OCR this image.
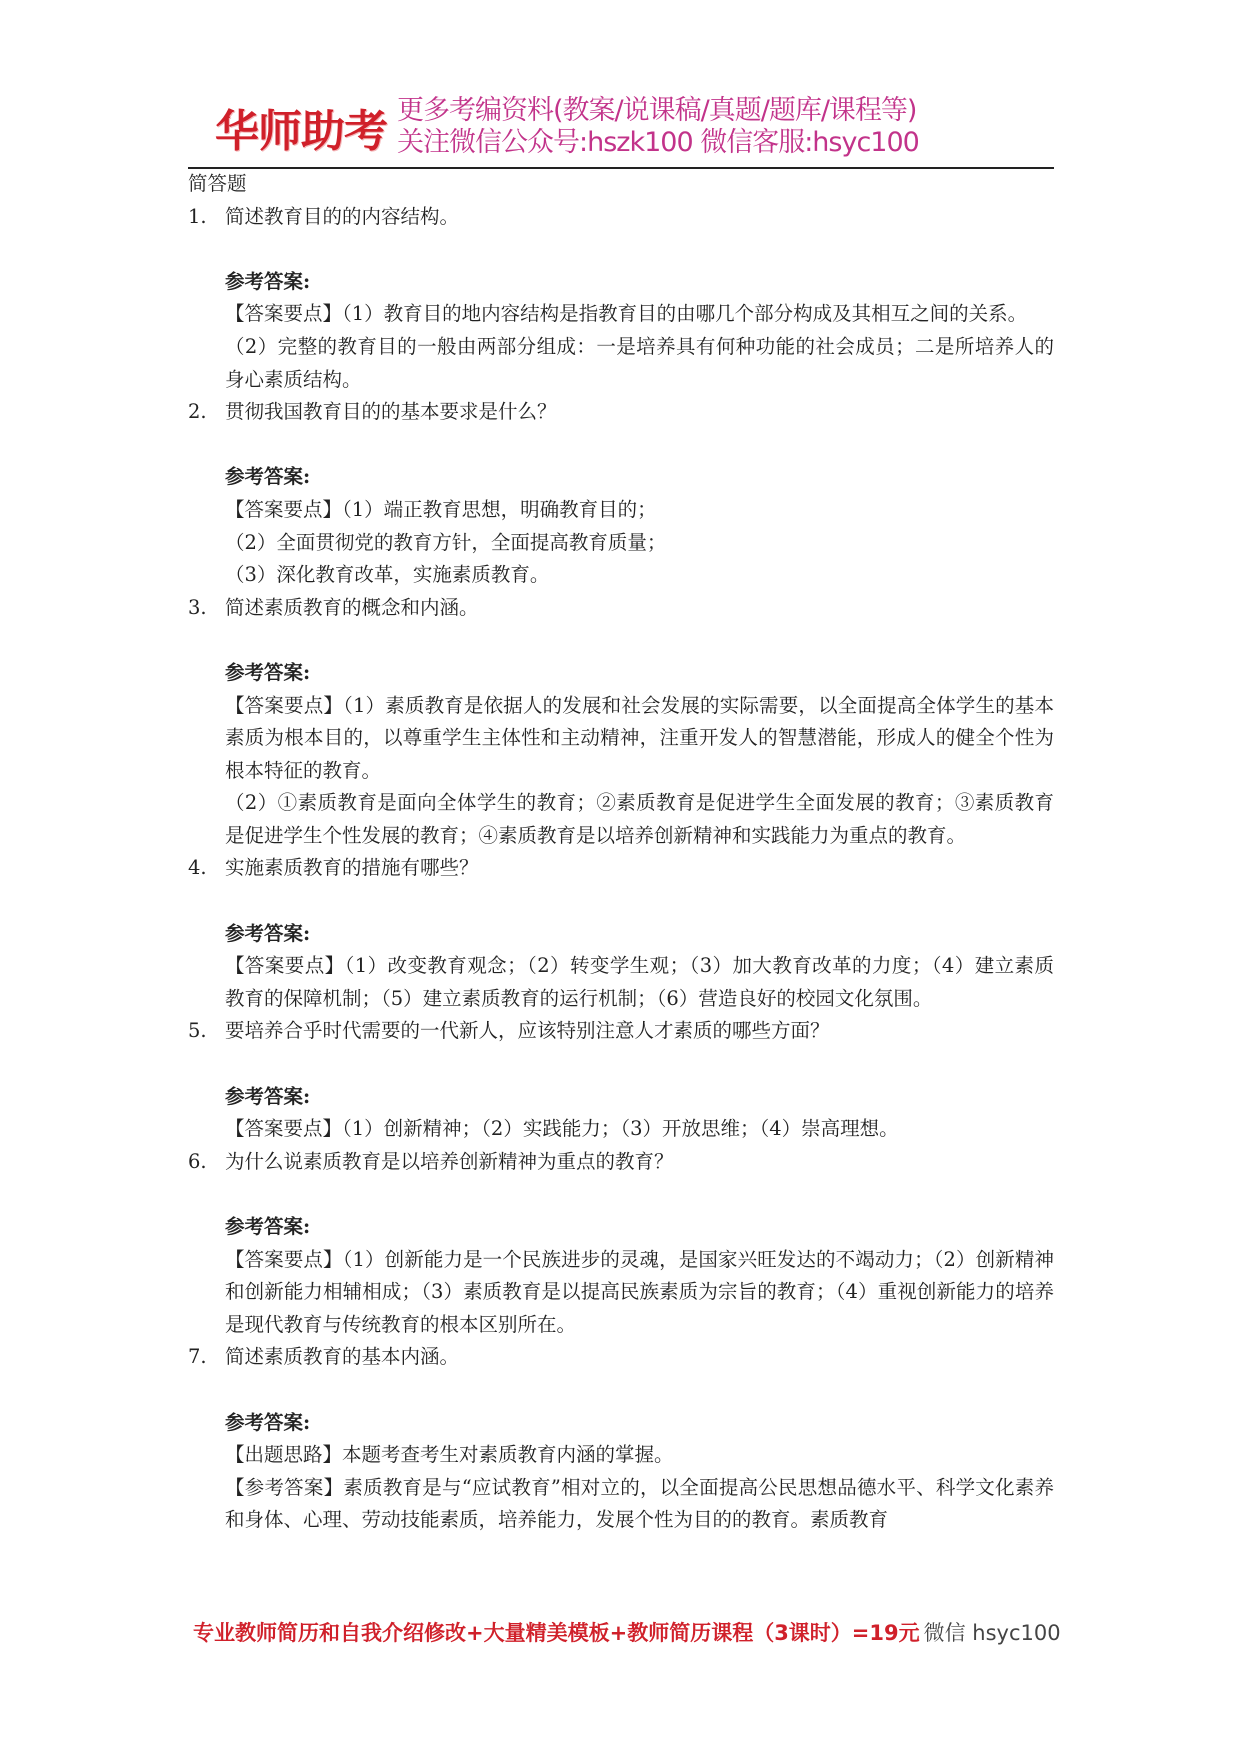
华师助考 更多考编资料(教案/说课稿/真题/题库/课程等)
关注微信公众号:hszk100 微信客服:hsyc100
简答题
1. 简述教育目的的内容结构。
参考答案:

【答案要点】（1）教育目的地内容结构是指教育目的由哪几个部分构成及其相互之间的关系。

（2）完整的教育目的一般由两部分组成：一是培养具有何种功能的社会成员；二是所培养人的身心素质结构。

2. 贯彻我国教育目的的基本要求是什么？
参考答案:

【答案要点】（1）端正教育思想，明确教育目的；

（2）全面贯彻党的教育方针，全面提高教育质量；

（3）深化教育改革，实施素质教育。

3. 简述素质教育的概念和内涵。
参考答案:

【答案要点】（1）素质教育是依据人的发展和社会发展的实际需要，以全面提高全体学生的基本素质为根本目的，以尊重学生主体性和主动精神，注重开发人的智慧潜能，形成人的健全个性为根本特征的教育。

（2）①素质教育是面向全体学生的教育；②素质教育是促进学生全面发展的教育；③素质教育是促进学生个性发展的教育；④素质教育是以培养创新精神和实践能力为重点的教育。

4. 实施素质教育的措施有哪些？
参考答案:

【答案要点】（1）改变教育观念；（2）转变学生观；（3）加大教育改革的力度；（4）建立素质教育的保障机制；（5）建立素质教育的运行机制；（6）营造良好的校园文化氛围。

5. 要培养合乎时代需要的一代新人，应该特别注意人才素质的哪些方面？
参考答案:

【答案要点】（1）创新精神；（2）实践能力；（3）开放思维；（4）崇高理想。

6. 为什么说素质教育是以培养创新精神为重点的教育？
参考答案:

【答案要点】（1）创新能力是一个民族进步的灵魂，是国家兴旺发达的不竭动力；（2）创新精神和创新能力相辅相成；（3）素质教育是以提高民族素质为宗旨的教育；（4）重视创新能力的培养是现代教育与传统教育的根本区别所在。

7. 简述素质教育的基本内涵。
参考答案:

【出题思路】本题考查考生对素质教育内涵的掌握。

【参考答案】素质教育是与“应试教育”相对立的，以全面提高公民思想品德水平、科学文化素养和身体、心理、劳动技能素质，培养能力，发展个性为目的的教育。素质教育

专业教师简历和自我介绍修改+大量精美模板+教师简历课程（3课时）=19元 微信 hsyc100
